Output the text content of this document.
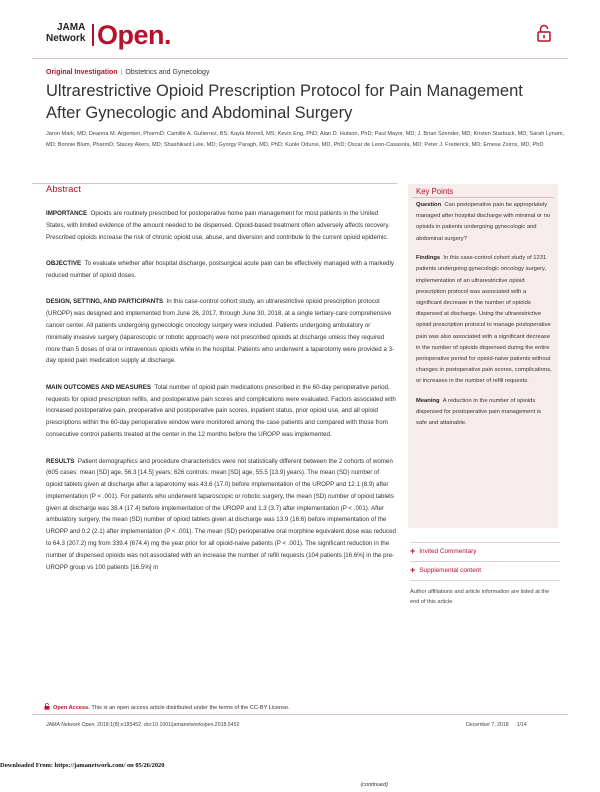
JAMA
Network Open.
Original Investigation | Obstetrics and Gynecology
Ultrarestrictive Opioid Prescription Protocol for Pain Management After Gynecologic and Abdominal Surgery
Jaron Mark, MD; Deanna M. Argenteri, PharmD; Camille A. Gutierrez, BS; Kayla Morrell, MS; Kevin Eng, PhD; Alan D. Hutson, PhD; Paul Mayor, MD; J. Brian Szender, MD; Kristen Starbuck, MD; Sarah Lynam, MD; Bonnie Blum, PharmD; Stacey Akers, MD; Shashikant Lele, MD; Gyorgy Paragh, MD, PhD; Kunle Odunsi, MD, PhD; Oscar de Leon-Casasola, MD; Peter J. Frederick, MD; Emese Zsiros, MD, PhD
Abstract

IMPORTANCE Opioids are routinely prescribed for postoperative home pain management for most patients in the United States, with limited evidence of the amount needed to be dispensed. Opioid-based treatment often adversely affects recovery. Prescribed opioids increase the risk of chronic opioid use, abuse, and diversion and contribute to the current opioid epidemic.

OBJECTIVE To evaluate whether after hospital discharge, postsurgical acute pain can be effectively managed with a markedly reduced number of opioid doses.

DESIGN, SETTING, AND PARTICIPANTS In this case-control cohort study, an ultrarestrictive opioid prescription protocol (UROPP) was designed and implemented from June 26, 2017, through June 30, 2018, at a single tertiary-care comprehensive cancer center. All patients undergoing gynecologic oncology surgery were included. Patients undergoing ambulatory or minimally invasive surgery (laparoscopic or robotic approach) were not prescribed opioids at discharge unless they required more than 5 doses of oral or intravenous opioids while in the hospital. Patients who underwent a laparotomy were provided a 3-day opioid pain medication supply at discharge.

MAIN OUTCOMES AND MEASURES Total number of opioid pain medications prescribed in the 60-day perioperative period, requests for opioid prescription refills, and postoperative pain scores and complications were evaluated. Factors associated with increased postoperative pain, preoperative and postoperative pain scores, inpatient status, prior opioid use, and all opioid prescriptions within the 60-day perioperative window were monitored among the case patients and compared with those from consecutive control patients treated at the center in the 12 months before the UROPP was implemented.

RESULTS Patient demographics and procedure characteristics were not statistically different between the 2 cohorts of women (605 cases: mean [SD] age, 56.3 [14.5] years; 626 controls: mean [SD] age, 55.5 [13.9] years). The mean (SD) number of opioid tablets given at discharge after a laparotomy was 43.6 (17.0) before implementation of the UROPP and 12.1 (8.9) after implementation (P < .001). For patients who underwent laparoscopic or robotic surgery, the mean (SD) number of opioid tablets given at discharge was 38.4 (17.4) before implementation of the UROPP and 1.3 (3.7) after implementation (P < .001). After ambulatory surgery, the mean (SD) number of opioid tablets given at discharge was 13.9 (16.6) before implementation of the UROPP and 0.2 (2.1) after implementation (P < .001). The mean (SD) perioperative oral morphine equivalent dose was reduced to 64.3 (207.2) mg from 339.4 (674.4) mg the year prior for all opioid-naive patients (P < .001). The significant reduction in the number of dispensed opioids was not associated with an increase the number of refill requests (104 patients [16.6%] in the pre-UROPP group vs 100 patients [16.5%] in

(continued)
Key Points

Question Can postoperative pain be appropriately managed after hospital discharge with minimal or no opioids in patients undergoing gynecologic and abdominal surgery?

Findings In this case-control cohort study of 1231 patients undergoing gynecologic oncology surgery, implementation of an ultrarestrictive opioid prescription protocol was associated with a significant decrease in the number of opioids dispensed at discharge. Using the ultrarestrictive opioid prescription protocol to manage postoperative pain was also associated with a significant decrease in the number of opioids dispensed during the entire perioperative period for opioid-naive patients without changes in postoperative pain scores, complications, or increases in the number of refill requests.

Meaning A reduction in the number of opioids dispensed for postoperative pain management is safe and attainable.

+ Invited Commentary
+ Supplemental content
Author affiliations and article information are listed at the end of this article.
Open Access. This is an open access article distributed under the terms of the CC-BY License.
JAMA Network Open. 2018;1(8):e185452. doi:10.1001/jamanetworkopen.2018.5452	December 7, 2018 1/14
Downloaded From: https://jamanetwork.com/ on 05/26/2020
